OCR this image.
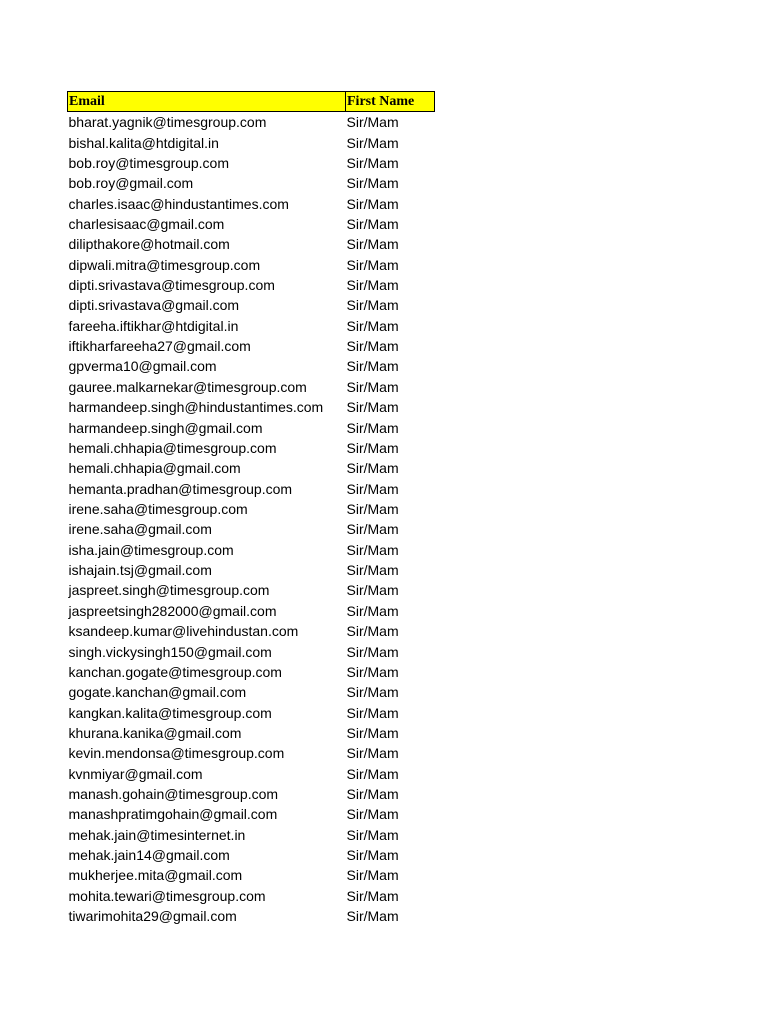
Email	First Name
bharat.yagnik@timesgroup.com	Sir/Mam
bishal.kalita@htdigital.in	Sir/Mam
bob.roy@timesgroup.com	Sir/Mam
bob.roy@gmail.com	Sir/Mam
charles.isaac@hindustantimes.com	Sir/Mam
charlesisaac@gmail.com	Sir/Mam
dilipthakore@hotmail.com	Sir/Mam
dipwali.mitra@timesgroup.com	Sir/Mam
dipti.srivastava@timesgroup.com	Sir/Mam
dipti.srivastava@gmail.com	Sir/Mam
fareeha.iftikhar@htdigital.in	Sir/Mam
iftikharfareeha27@gmail.com	Sir/Mam
gpverma10@gmail.com	Sir/Mam
gauree.malkarnekar@timesgroup.com	Sir/Mam
harmandeep.singh@hindustantimes.com	Sir/Mam
harmandeep.singh@gmail.com	Sir/Mam
hemali.chhapia@timesgroup.com	Sir/Mam
hemali.chhapia@gmail.com	Sir/Mam
hemanta.pradhan@timesgroup.com	Sir/Mam
irene.saha@timesgroup.com	Sir/Mam
irene.saha@gmail.com	Sir/Mam
isha.jain@timesgroup.com	Sir/Mam
ishajain.tsj@gmail.com	Sir/Mam
jaspreet.singh@timesgroup.com	Sir/Mam
jaspreetsingh282000@gmail.com	Sir/Mam
ksandeep.kumar@livehindustan.com	Sir/Mam
singh.vickysingh150@gmail.com	Sir/Mam
kanchan.gogate@timesgroup.com	Sir/Mam
gogate.kanchan@gmail.com	Sir/Mam
kangkan.kalita@timesgroup.com	Sir/Mam
khurana.kanika@gmail.com	Sir/Mam
kevin.mendonsa@timesgroup.com	Sir/Mam
kvnmiyar@gmail.com	Sir/Mam
manash.gohain@timesgroup.com	Sir/Mam
manashpratimgohain@gmail.com	Sir/Mam
mehak.jain@timesinternet.in	Sir/Mam
mehak.jain14@gmail.com	Sir/Mam
mukherjee.mita@gmail.com	Sir/Mam
mohita.tewari@timesgroup.com	Sir/Mam
tiwarimohita29@gmail.com	Sir/Mam
